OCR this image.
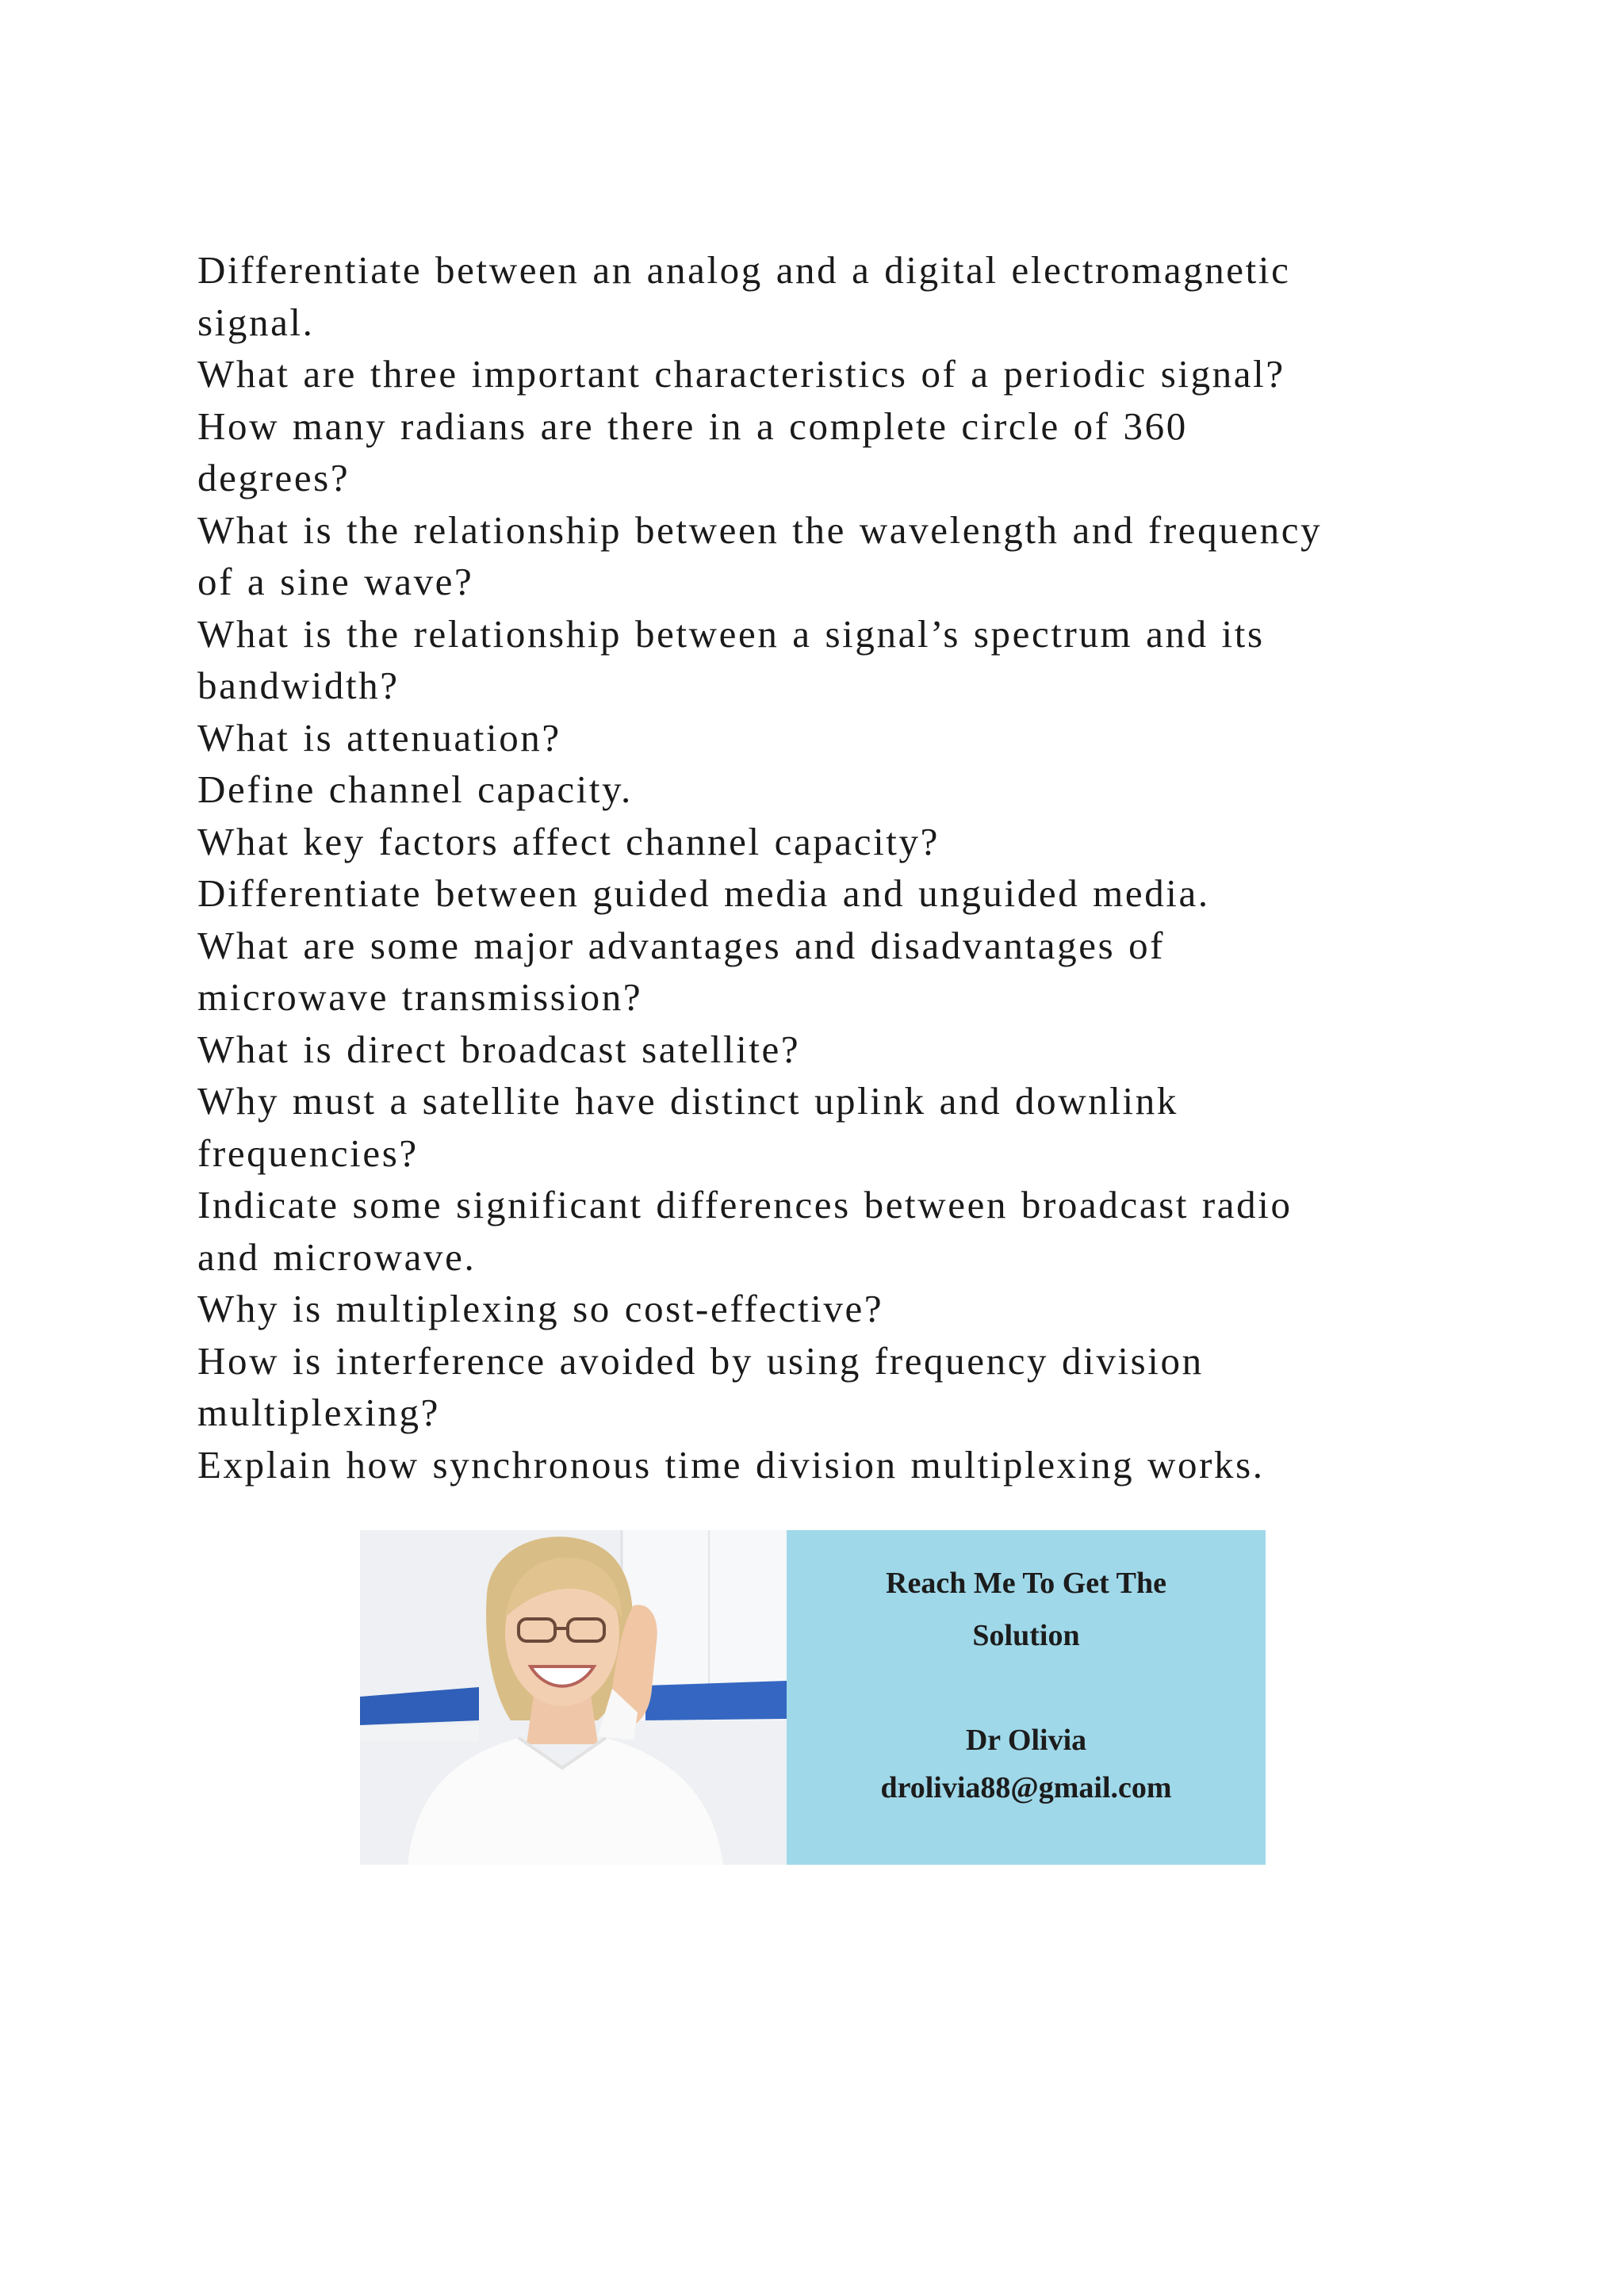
Differentiate between an analog and a digital electromagnetic
signal.
What are three important characteristics of a periodic signal?
How many radians are there in a complete circle of 360
degrees?
What is the relationship between the wavelength and frequency
of a sine wave?
What is the relationship between a signal’s spectrum and its
bandwidth?
What is attenuation?
Define channel capacity.
What key factors affect channel capacity?
Differentiate between guided media and unguided media.
What are some major advantages and disadvantages of
microwave transmission?
What is direct broadcast satellite?
Why must a satellite have distinct uplink and downlink
frequencies?
Indicate some significant differences between broadcast radio
and microwave.
Why is multiplexing so cost-effective?
How is interference avoided by using frequency division
multiplexing?
Explain how synchronous time division multiplexing works.
Reach Me To Get The
Solution
Dr Olivia
drolivia88@gmail.com
